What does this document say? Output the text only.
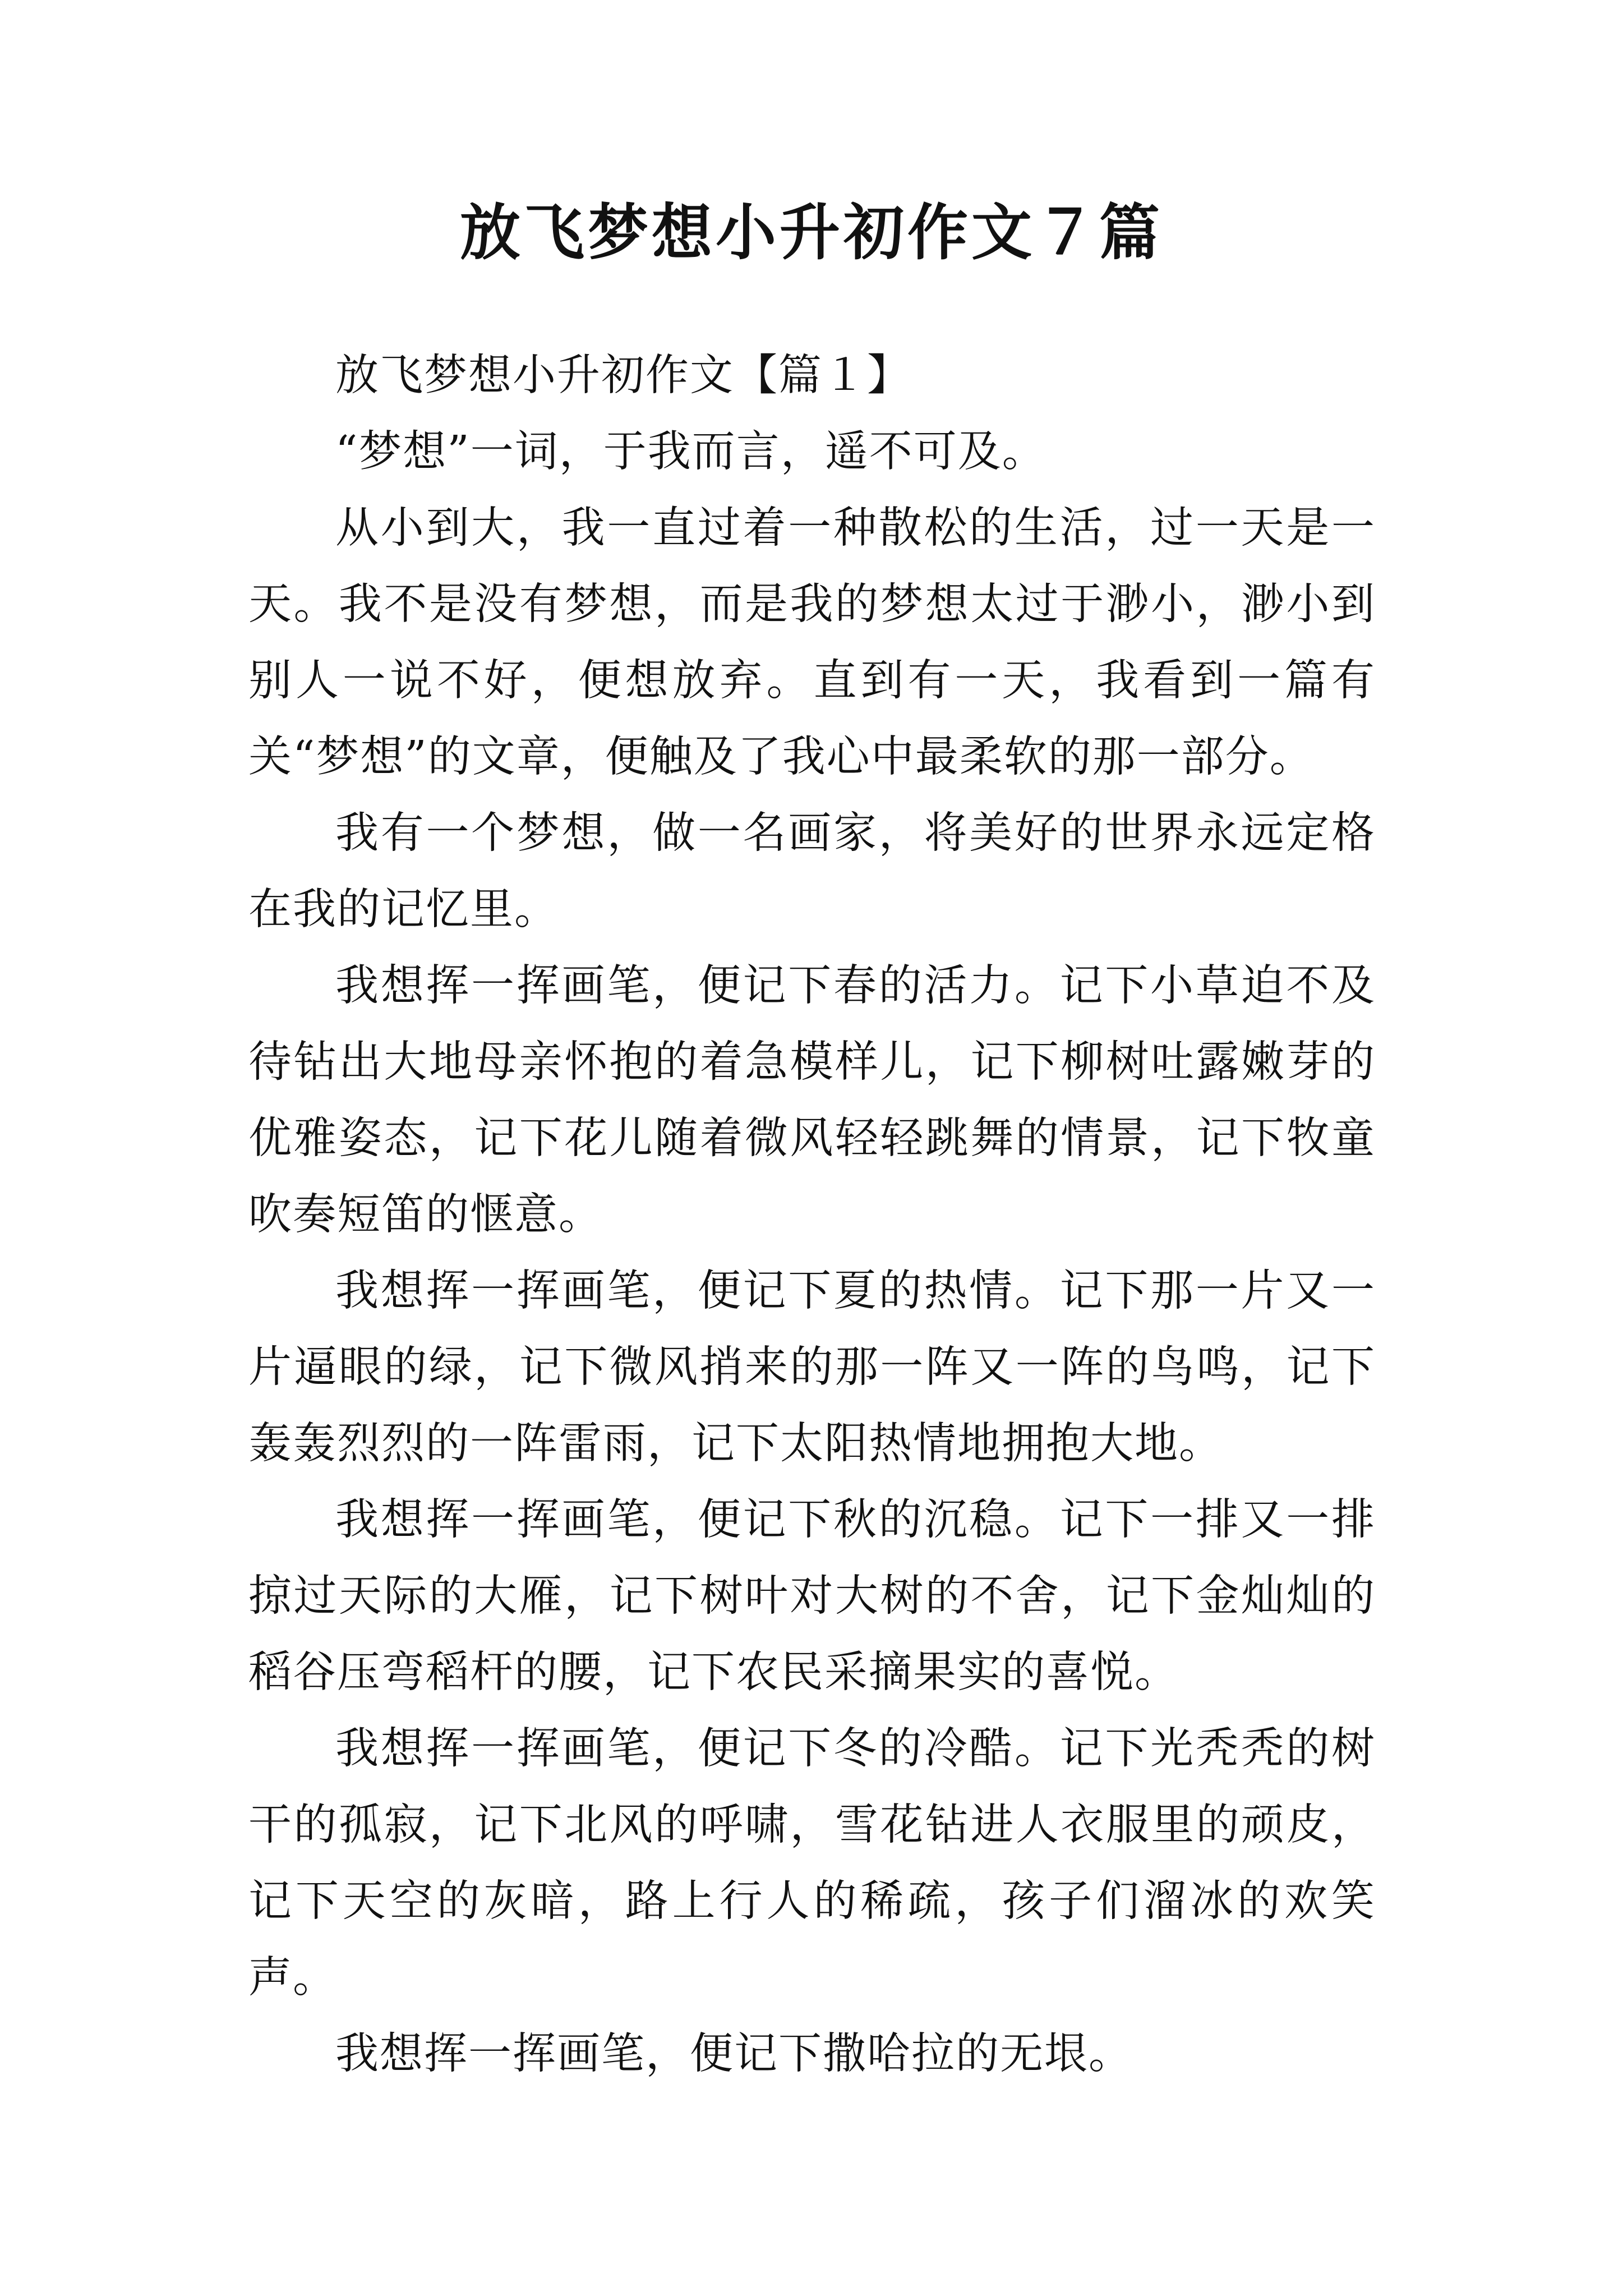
放飞梦想小升初作文７篇

放飞梦想小升初作文【篇１】

“梦想”一词，于我而言，遥不可及。

从小到大，我一直过着一种散松的生活，过一天是一天。我不是没有梦想，而是我的梦想太过于渺小，渺小到别人一说不好，便想放弃。直到有一天，我看到一篇有关“梦想”的文章，便触及了我心中最柔软的那一部分。

我有一个梦想，做一名画家，将美好的世界永远定格在我的记忆里。

我想挥一挥画笔，便记下春的活力。记下小草迫不及待钻出大地母亲怀抱的着急模样儿，记下柳树吐露嫩芽的优雅姿态，记下花儿随着微风轻轻跳舞的情景，记下牧童吹奏短笛的惬意。

我想挥一挥画笔，便记下夏的热情。记下那一片又一片逼眼的绿，记下微风捎来的那一阵又一阵的鸟鸣，记下轰轰烈烈的一阵雷雨，记下太阳热情地拥抱大地。

我想挥一挥画笔，便记下秋的沉稳。记下一排又一排掠过天际的大雁，记下树叶对大树的不舍，记下金灿灿的稻谷压弯稻杆的腰，记下农民采摘果实的喜悦。

我想挥一挥画笔，便记下冬的冷酷。记下光秃秃的树干的孤寂，记下北风的呼啸，雪花钻进人衣服里的顽皮，记下天空的灰暗，路上行人的稀疏，孩子们溜冰的欢笑声。

我想挥一挥画笔，便记下撒哈拉的无垠。
